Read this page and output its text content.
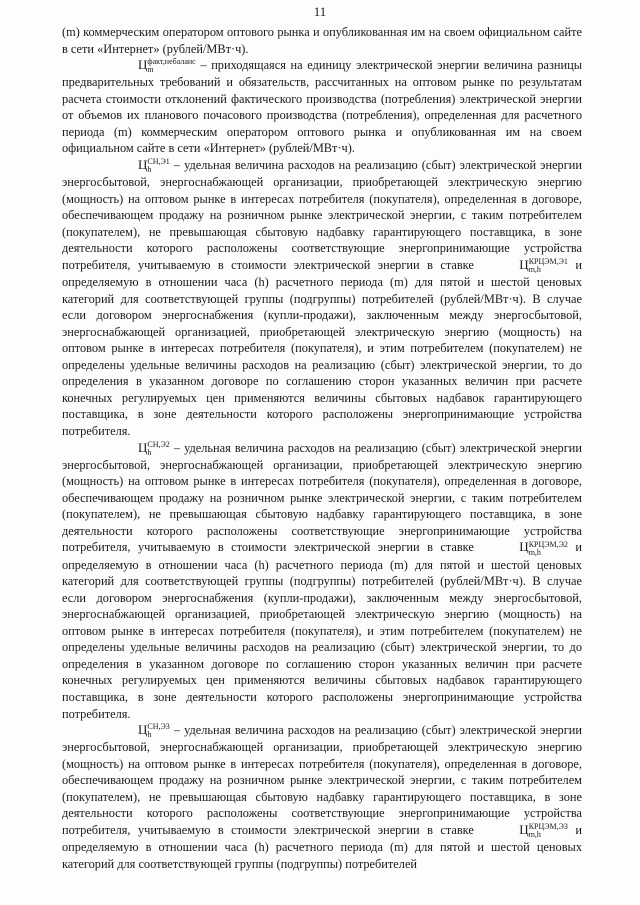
11

(m) коммерческим оператором оптового рынка и опубликованная им на своем официальном сайте в сети «Интернет» (рублей/МВт·ч).

Ц факт,небаланс
m	– приходящаяся на единицу электрической энергии величина разницы предварительных требований и обязательств, рассчитанных на оптовом рынке по результатам расчета стоимости отклонений фактического производства (потребления) электрической энергии от объемов их планового почасового производства (потребления), определенная для расчетного периода (m) коммерческим оператором оптового рынка и опубликованная им на своем официальном сайте в сети «Интернет» (рублей/МВт·ч).

Ц СН,Э1
h	– удельная величина расходов на реализацию (сбыт) электрической энергии энергосбытовой, энергоснабжающей организации, приобретающей электрическую энергию (мощность) на оптовом рынке в интересах потребителя (покупателя), определенная в договоре, обеспечивающем продажу на розничном рынке электрической энергии, с таким потребителем (покупателем), не превышающая сбытовую надбавку гарантирующего поставщика, в зоне деятельности которого расположены соответствующие энергопринимающие устройства потребителя, учитываемую в стоимости электрической энергии в ставке	Ц КРЦЭМ,Э1
m,h	и определяемую в отношении часа (h) расчетного периода (m) для пятой и шестой ценовых категорий для соответствующей группы (подгруппы) потребителей (рублей/МВт·ч). В случае если договором энергоснабжения (купли-продажи), заключенным между энергосбытовой, энергоснабжающей организацией, приобретающей электрическую энергию (мощность) на оптовом рынке в интересах потребителя (покупателя), и этим потребителем (покупателем) не определены удельные величины расходов на реализацию (сбыт) электрической энергии, то до определения в указанном договоре по соглашению сторон указанных величин при расчете конечных регулируемых цен применяются величины сбытовых надбавок гарантирующего поставщика, в зоне деятельности которого расположены энергопринимающие устройства потребителя.

Ц СН,Э2
h	– удельная величина расходов на реализацию (сбыт) электрической энергии энергосбытовой, энергоснабжающей организации, приобретающей электрическую энергию (мощность) на оптовом рынке в интересах потребителя (покупателя), определенная в договоре, обеспечивающем продажу на розничном рынке электрической энергии, с таким потребителем (покупателем), не превышающая сбытовую надбавку гарантирующего поставщика, в зоне деятельности которого расположены соответствующие энергопринимающие устройства потребителя, учитываемую в стоимости электрической энергии в ставке	Ц КРЦЭМ,Э2
m,h	и определяемую в отношении часа (h) расчетного периода (m) для пятой и шестой ценовых категорий для соответствующей группы (подгруппы) потребителей (рублей/МВт·ч). В случае если договором энергоснабжения (купли-продажи), заключенным между энергосбытовой, энергоснабжающей организацией, приобретающей электрическую энергию (мощность) на оптовом рынке в интересах потребителя (покупателя), и этим потребителем (покупателем) не определены удельные величины расходов на реализацию (сбыт) электрической энергии, то до определения в указанном договоре по соглашению сторон указанных величин при расчете конечных регулируемых цен применяются величины сбытовых надбавок гарантирующего поставщика, в зоне деятельности которого расположены энергопринимающие устройства потребителя.

Ц СН,Э3
h	– удельная величина расходов на реализацию (сбыт) электрической энергии энергосбытовой, энергоснабжающей организации, приобретающей электрическую энергию (мощность) на оптовом рынке в интересах потребителя (покупателя), определенная в договоре, обеспечивающем продажу на розничном рынке электрической энергии, с таким потребителем (покупателем), не превышающая сбытовую надбавку гарантирующего поставщика, в зоне деятельности которого расположены соответствующие энергопринимающие устройства потребителя, учитываемую в стоимости электрической энергии в ставке	Ц КРЦЭМ,Э3
m,h	и определяемую в отношении часа (h) расчетного периода (m) для пятой и шестой ценовых категорий для соответствующей группы (подгруппы) потребителей
